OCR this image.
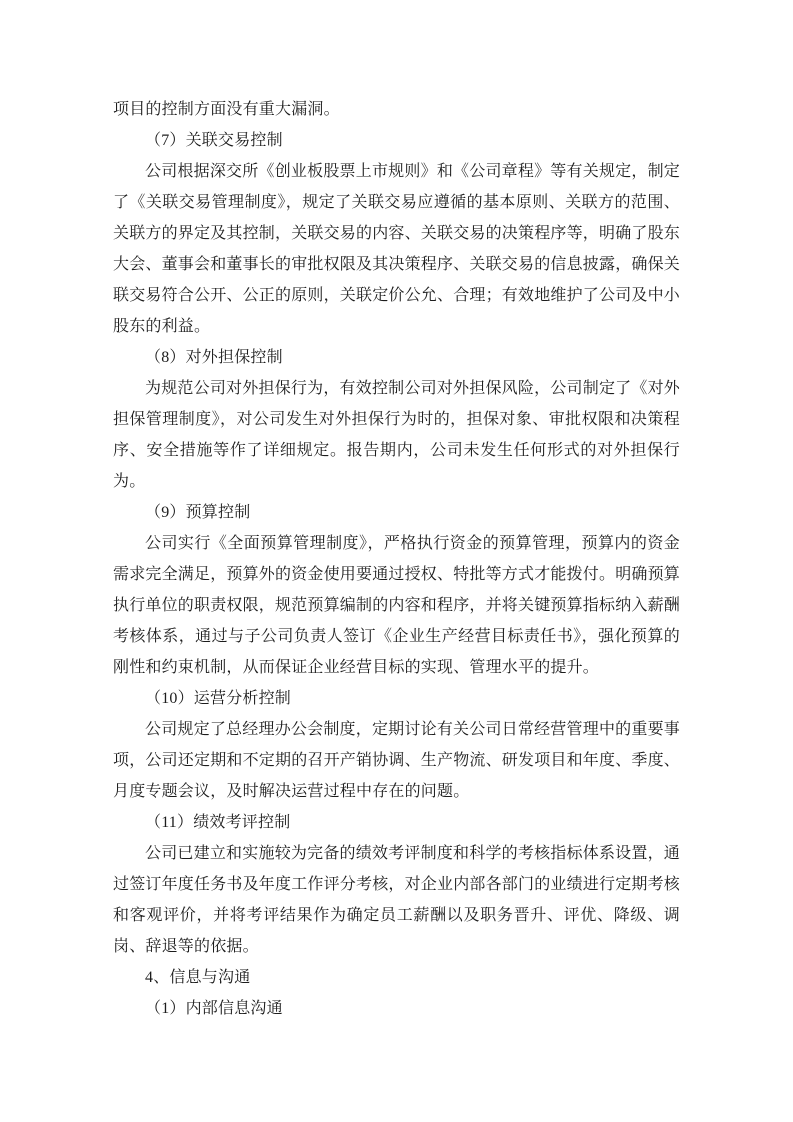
项目的控制方面没有重大漏洞。

（7）关联交易控制

公司根据深交所《创业板股票上市规则》和《公司章程》等有关规定，制定了《关联交易管理制度》，规定了关联交易应遵循的基本原则、关联方的范围、关联方的界定及其控制，关联交易的内容、关联交易的决策程序等，明确了股东大会、董事会和董事长的审批权限及其决策程序、关联交易的信息披露，确保关联交易符合公开、公正的原则，关联定价公允、合理；有效地维护了公司及中小股东的利益。

（8）对外担保控制

为规范公司对外担保行为，有效控制公司对外担保风险，公司制定了《对外担保管理制度》，对公司发生对外担保行为时的，担保对象、审批权限和决策程序、安全措施等作了详细规定。报告期内，公司未发生任何形式的对外担保行为。

（9）预算控制

公司实行《全面预算管理制度》，严格执行资金的预算管理，预算内的资金需求完全满足，预算外的资金使用要通过授权、特批等方式才能拨付。明确预算执行单位的职责权限，规范预算编制的内容和程序，并将关键预算指标纳入薪酬考核体系，通过与子公司负责人签订《企业生产经营目标责任书》，强化预算的刚性和约束机制，从而保证企业经营目标的实现、管理水平的提升。

（10）运营分析控制

公司规定了总经理办公会制度，定期讨论有关公司日常经营管理中的重要事项，公司还定期和不定期的召开产销协调、生产物流、研发项目和年度、季度、月度专题会议，及时解决运营过程中存在的问题。

（11）绩效考评控制

公司已建立和实施较为完备的绩效考评制度和科学的考核指标体系设置，通过签订年度任务书及年度工作评分考核，对企业内部各部门的业绩进行定期考核和客观评价，并将考评结果作为确定员工薪酬以及职务晋升、评优、降级、调岗、辞退等的依据。

4、信息与沟通

（1）内部信息沟通
